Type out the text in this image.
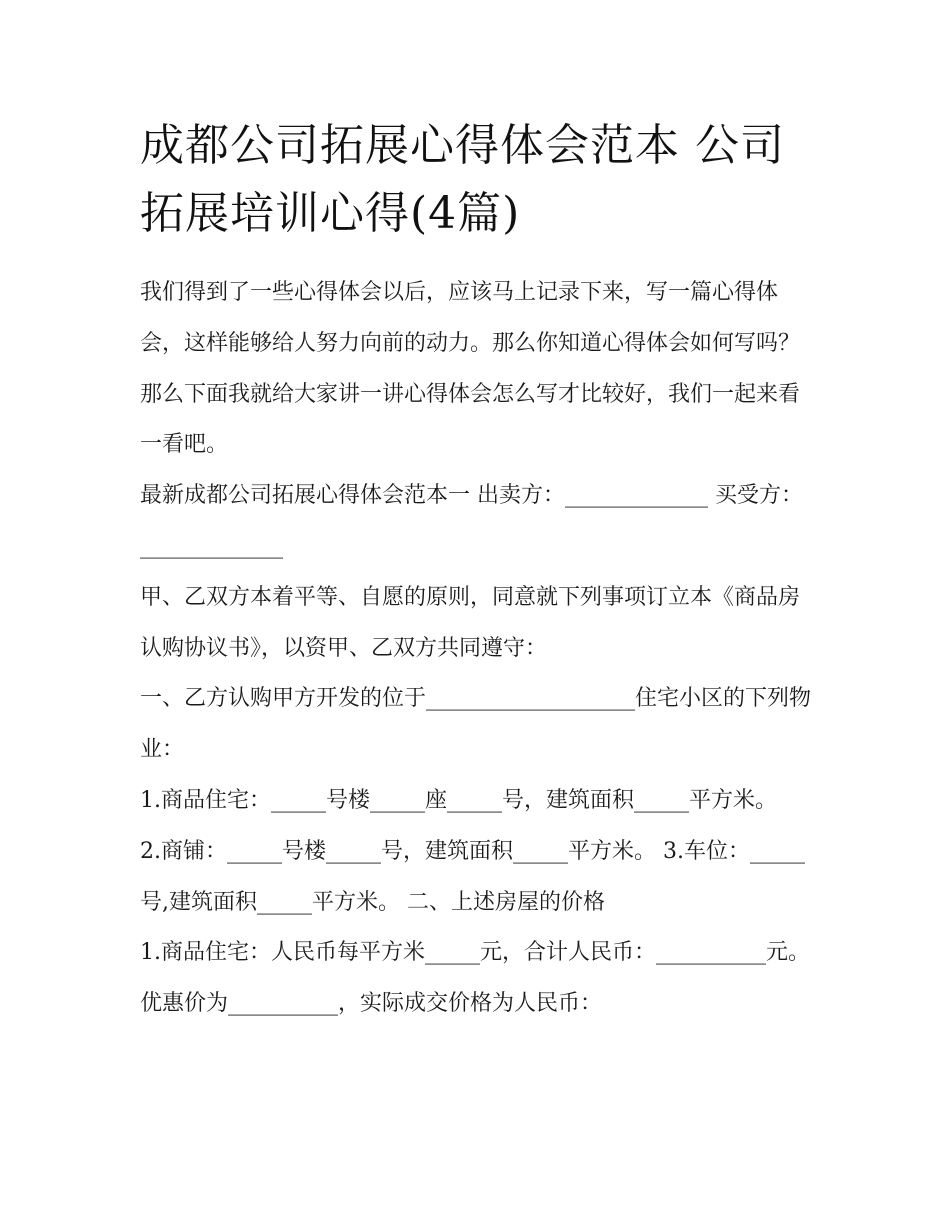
成都公司拓展心得体会范本 公司拓展培训心得(4篇)

我们得到了一些心得体会以后，应该马上记录下来，写一篇心得体会，这样能够给人努力向前的动力。那么你知道心得体会如何写吗？那么下面我就给大家讲一讲心得体会怎么写才比较好，我们一起来看一看吧。

最新成都公司拓展心得体会范本一 出卖方：_____________ 买受方：_____________

甲、乙双方本着平等、自愿的原则，同意就下列事项订立本《商品房认购协议书》，以资甲、乙双方共同遵守：

一、乙方认购甲方开发的位于___________________住宅小区的下列物业：

1.商品住宅：_____号楼_____座_____号，建筑面积_____平方米。

2.商铺：_____号楼_____号，建筑面积_____平方米。 3.车位：_____号,建筑面积_____平方米。 二、上述房屋的价格

1.商品住宅：人民币每平方米_____元，合计人民币：__________元。优惠价为__________，实际成交价格为人民币：
